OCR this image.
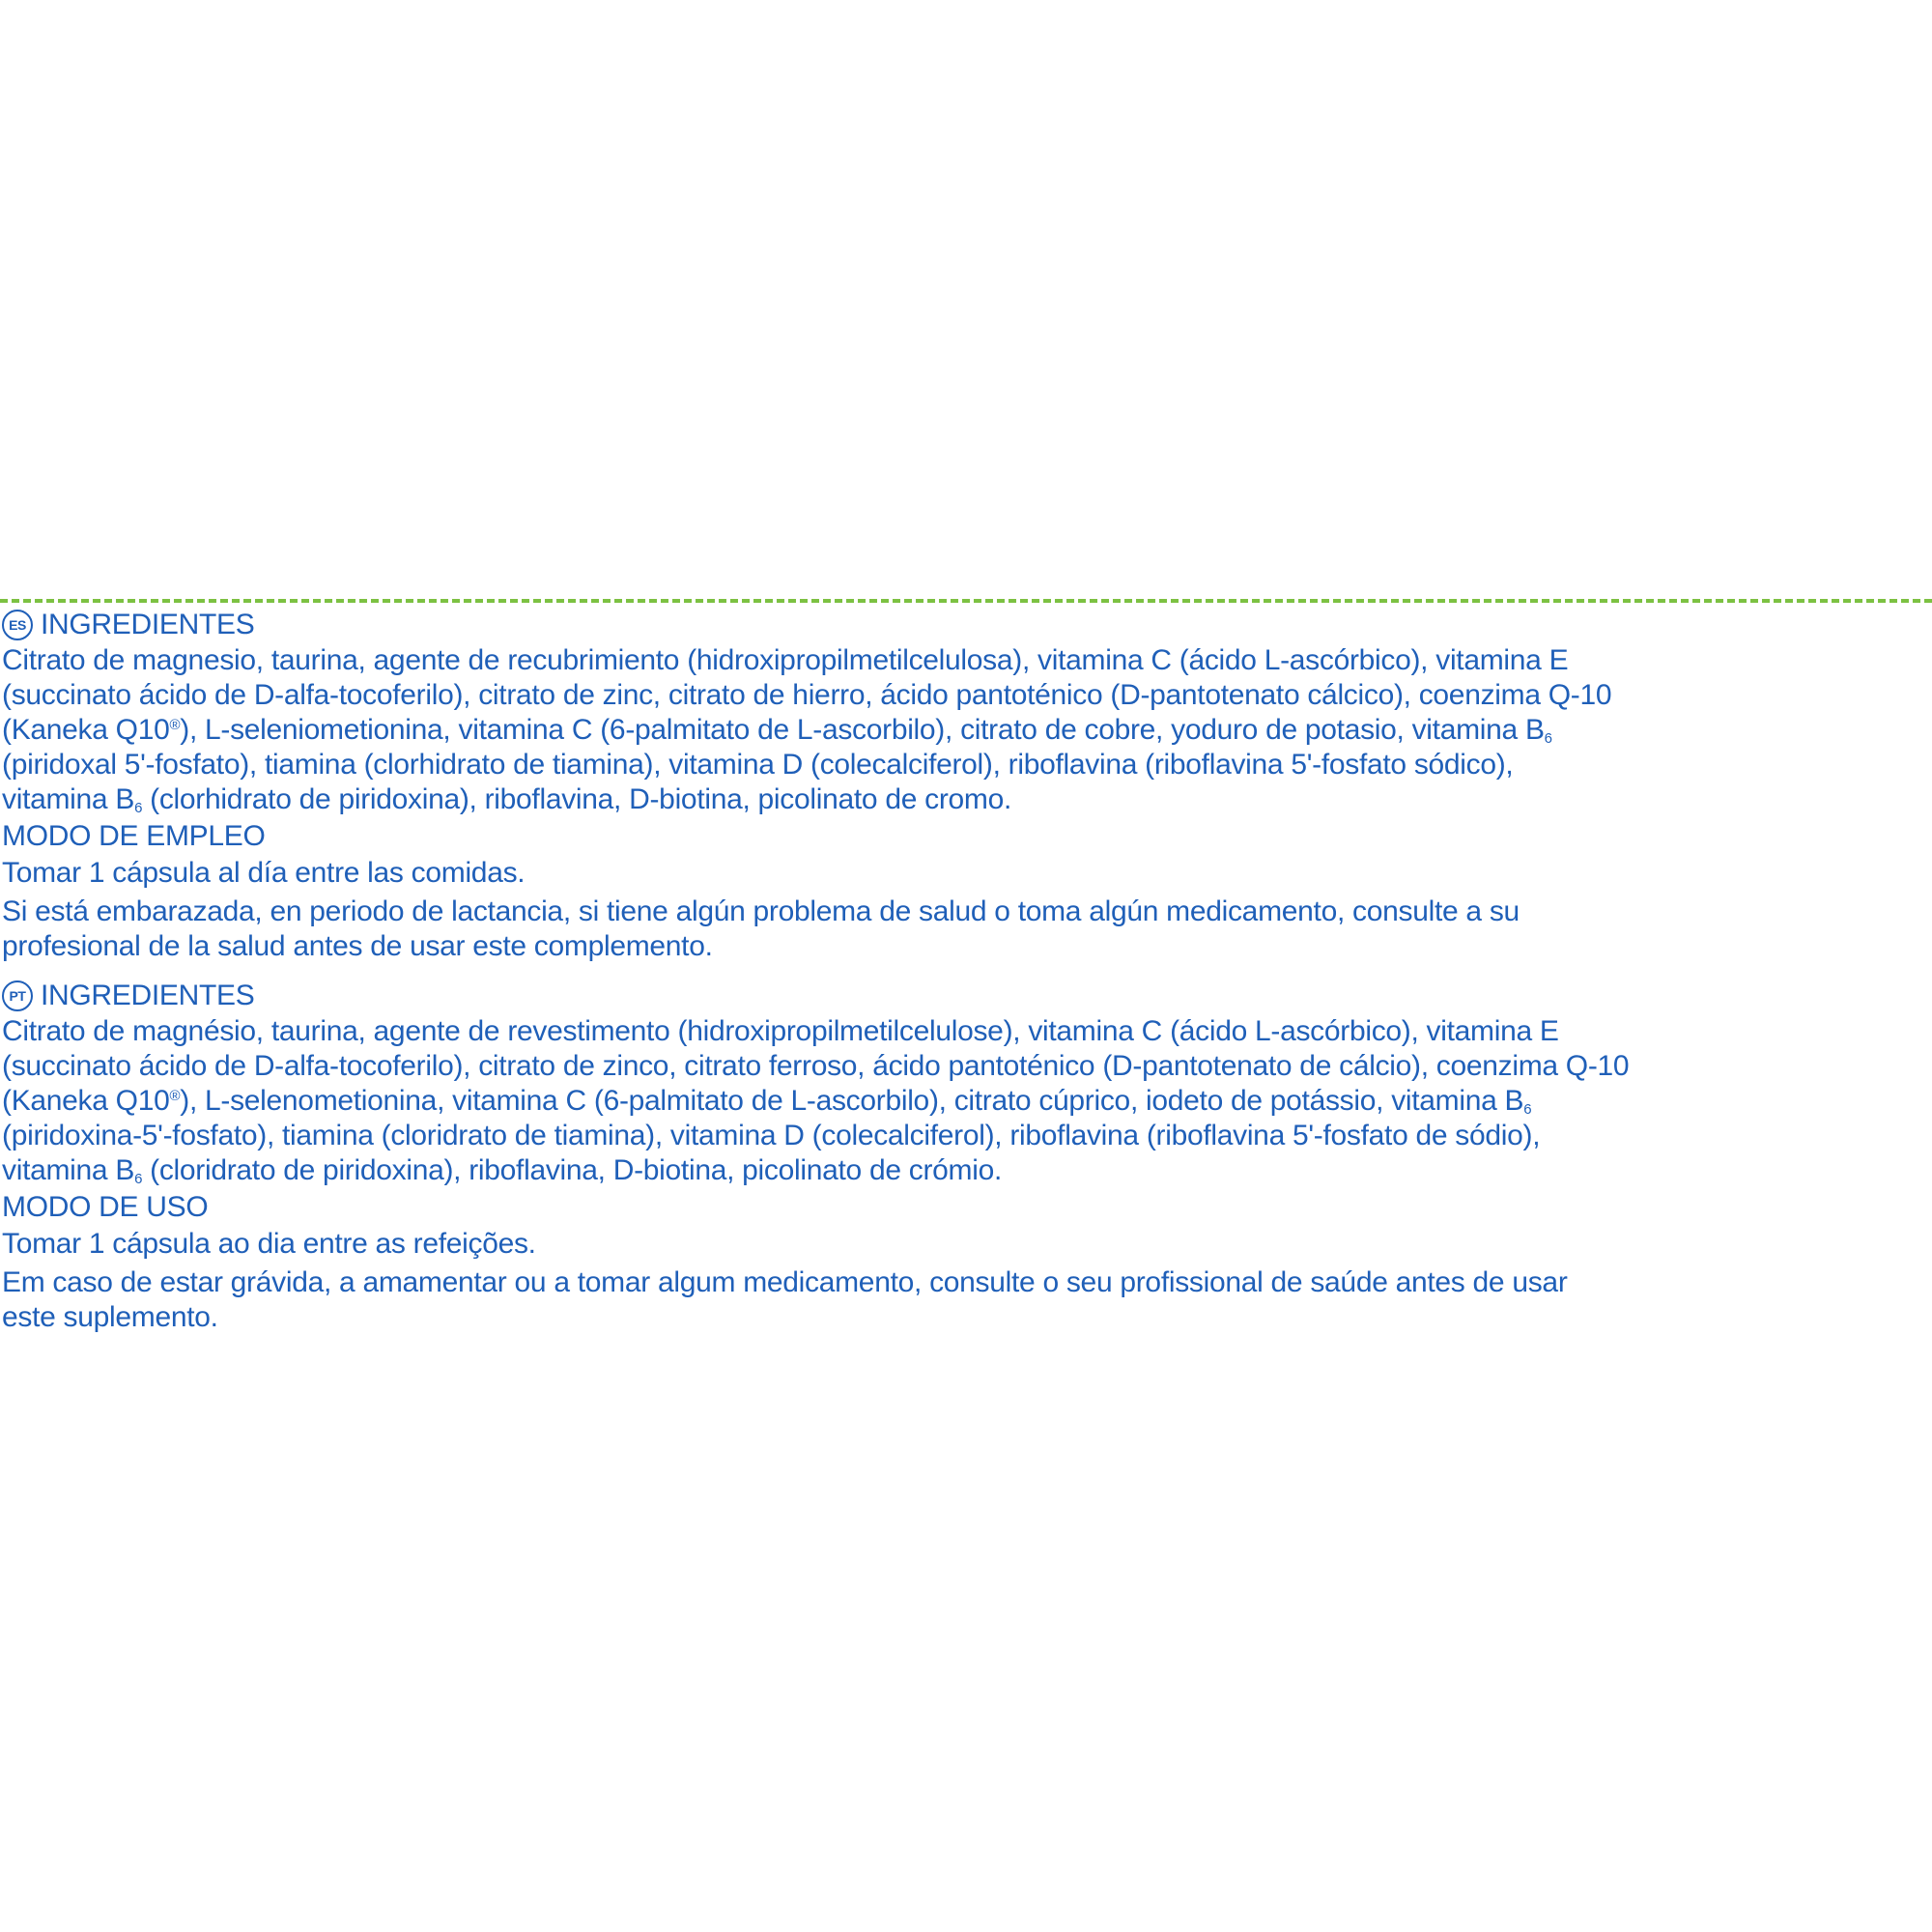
ES INGREDIENTES
Citrato de magnesio, taurina, agente de recubrimiento (hidroxipropilmetilcelulosa), vitamina C (ácido L-ascórbico), vitamina E
(succinato ácido de D-alfa-tocoferilo), citrato de zinc, citrato de hierro, ácido pantoténico (D-pantotenato cálcico), coenzima Q-10
(Kaneka Q10®), L-seleniometionina, vitamina C (6-palmitato de L-ascorbilo), citrato de cobre, yoduro de potasio, vitamina $B_6$
(piridoxal 5'-fosfato), tiamina (clorhidrato de tiamina), vitamina D (colecalciferol), riboflavina (riboflavina 5'-fosfato sódico),
vitamina $B_6$ (clorhidrato de piridoxina), riboflavina, D-biotina, picolinato de cromo.
MODO DE EMPLEO
Tomar 1 cápsula al día entre las comidas.
Si está embarazada, en periodo de lactancia, si tiene algún problema de salud o toma algún medicamento, consulte a su
profesional de la salud antes de usar este complemento.
PT INGREDIENTES
Citrato de magnésio, taurina, agente de revestimento (hidroxipropilmetilcelulose), vitamina C (ácido L-ascórbico), vitamina E
(succinato ácido de D-alfa-tocoferilo), citrato de zinco, citrato ferroso, ácido pantoténico (D-pantotenato de cálcio), coenzima Q-10
(Kaneka Q10®), L-selenometionina, vitamina C (6-palmitato de L-ascorbilo), citrato cúprico, iodeto de potássio, vitamina $B_6$
(piridoxina-5'-fosfato), tiamina (cloridrato de tiamina), vitamina D (colecalciferol), riboflavina (riboflavina 5'-fosfato de sódio),
vitamina $B_6$ (cloridrato de piridoxina), riboflavina, D-biotina, picolinato de crómio.
MODO DE USO
Tomar 1 cápsula ao dia entre as refeições.
Em caso de estar grávida, a amamentar ou a tomar algum medicamento, consulte o seu profissional de saúde antes de usar
este suplemento.
